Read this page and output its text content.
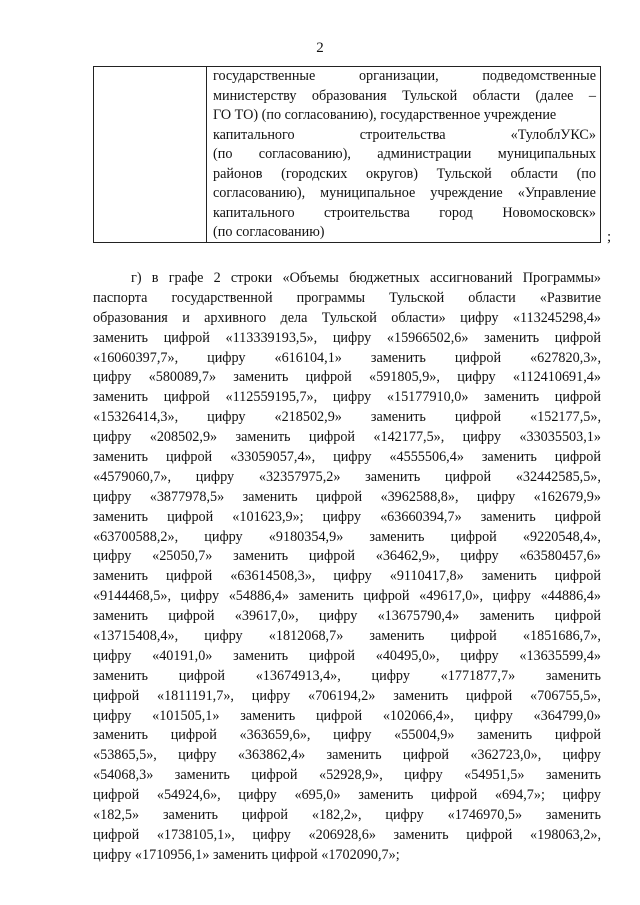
2
государственные	организации,	подведомственные
министерству образования Тульской области (далее –
ГО ТО) (по согласованию), государственное учреждение
капитального	строительства	«ТулоблУКС»
(по согласованию), администрации муниципальных
районов (городских округов) Тульской области (по
согласованию), муниципальное учреждение «Управление
капитального строительства город Новомосковск»
(по согласованию)	;
г) в графе 2 строки «Объемы бюджетных ассигнований Программы»
паспорта государственной программы Тульской области «Развитие
образования и архивного дела Тульской области» цифру «113245298,4»
заменить цифрой «113339193,5», цифру «15966502,6» заменить цифрой
«16060397,7», цифру «616104,1» заменить цифрой «627820,3»,
цифру «580089,7» заменить цифрой «591805,9», цифру «112410691,4»
заменить цифрой «112559195,7», цифру «15177910,0» заменить цифрой
«15326414,3», цифру «218502,9» заменить цифрой «152177,5»,
цифру «208502,9» заменить цифрой «142177,5», цифру «33035503,1»
заменить цифрой «33059057,4», цифру «4555506,4» заменить цифрой
«4579060,7», цифру «32357975,2» заменить цифрой «32442585,5»,
цифру «3877978,5» заменить цифрой «3962588,8», цифру «162679,9»
заменить цифрой «101623,9»; цифру «63660394,7» заменить цифрой
«63700588,2», цифру «9180354,9» заменить цифрой «9220548,4»,
цифру «25050,7» заменить цифрой «36462,9», цифру «63580457,6»
заменить цифрой «63614508,3», цифру «9110417,8» заменить цифрой
«9144468,5», цифру «54886,4» заменить цифрой «49617,0», цифру «44886,4»
заменить цифрой «39617,0», цифру «13675790,4» заменить цифрой
«13715408,4», цифру «1812068,7» заменить цифрой «1851686,7»,
цифру «40191,0» заменить цифрой «40495,0», цифру «13635599,4»
заменить цифрой «13674913,4», цифру «1771877,7» заменить
цифрой «1811191,7», цифру «706194,2» заменить цифрой «706755,5»,
цифру «101505,1» заменить цифрой «102066,4», цифру «364799,0»
заменить цифрой «363659,6», цифру «55004,9» заменить цифрой
«53865,5», цифру «363862,4» заменить цифрой «362723,0», цифру
«54068,3» заменить цифрой «52928,9», цифру «54951,5» заменить
цифрой «54924,6», цифру «695,0» заменить цифрой «694,7»; цифру
«182,5» заменить цифрой «182,2», цифру «1746970,5» заменить
цифрой «1738105,1», цифру «206928,6» заменить цифрой «198063,2»,
цифру «1710956,1» заменить цифрой «1702090,7»;
